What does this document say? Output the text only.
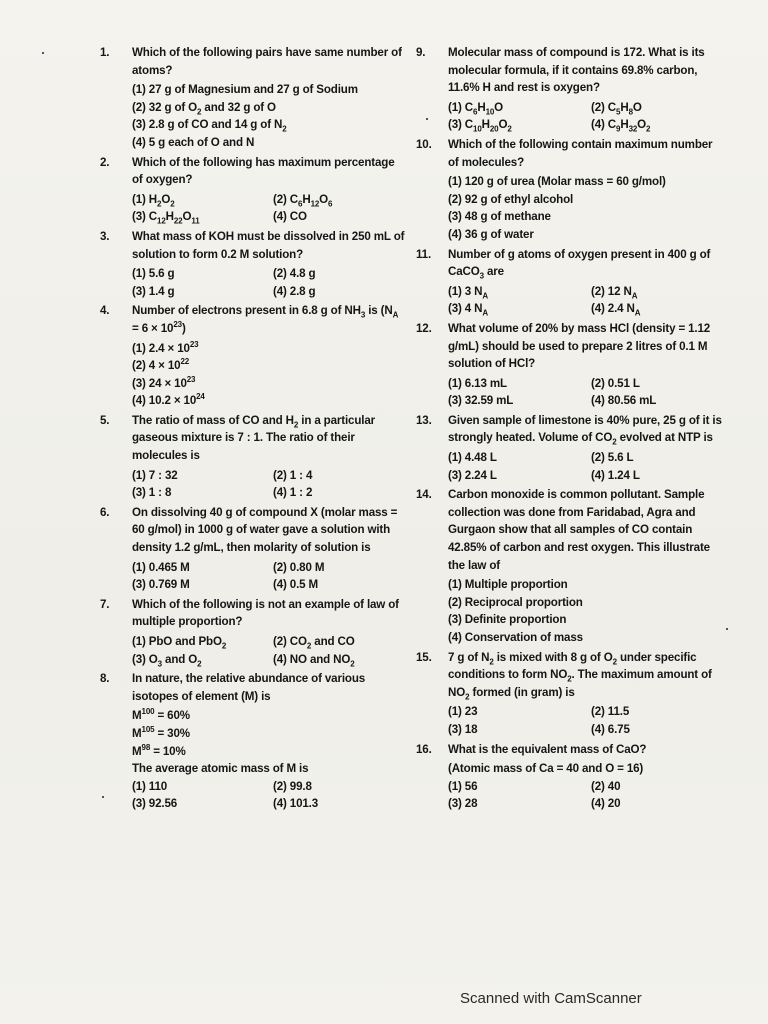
1.	Which of the following pairs have same number of atoms?
(1) 27 g of Magnesium and 27 g of Sodium
(2) 32 g of $O_2$ and 32 g of O
(3) 2.8 g of CO and 14 g of $N_2$
(4) 5 g each of O and N
2.	Which of the following has maximum percentage of oxygen?
(1) $H_2O_2$	(2) $C_6H_{12}O_6$
(3) $C_{12}H_{22}O_{11}$	(4) CO
3.	What mass of KOH must be dissolved in 250 mL of solution to form 0.2 M solution?
(1) 5.6 g	(2) 4.8 g
(3) 1.4 g	(4) 2.8 g
4.	Number of electrons present in 6.8 g of $NH_3$ is $(N_A = 6 \times 10^{23})$
(1) $2.4 \times 10^{23}$
(2) $4 \times 10^{22}$
(3) $24 \times 10^{23}$
(4) $10.2 \times 10^{24}$
5.	The ratio of mass of CO and $H_2$ in a particular gaseous mixture is 7 : 1. The ratio of their molecules is
(1) 7 : 32	(2) 1 : 4
(3) 1 : 8	(4) 1 : 2
6.	On dissolving 40 g of compound X (molar mass = 60 g/mol) in 1000 g of water gave a solution with density 1.2 g/mL, then molarity of solution is
(1) 0.465 M	(2) 0.80 M
(3) 0.769 M	(4) 0.5 M
7.	Which of the following is not an example of law of multiple proportion?
(1) PbO and PbO$_2$	(2) $CO_2$ and CO
(3) $O_3$ and $O_2$	(4) NO and $NO_2$
8.	In nature, the relative abundance of various isotopes of element (M) is
$M^{100} = 60\%$
$M^{105} = 30\%$
$M^{98} = 10\%$
The average atomic mass of M is
(1) 110	(2) 99.8
(3) 92.56	(4) 101.3
9.	Molecular mass of compound is 172. What is its molecular formula, if it contains 69.8% carbon, 11.6% H and rest is oxygen?
(1) $C_6H_{10}O$	(2) $C_5H_8O$
(3) $C_{10}H_{20}O_2$	(4) $C_9H_{32}O_2$
10.	Which of the following contain maximum number of molecules?
(1) 120 g of urea (Molar mass = 60 g/mol)
(2) 92 g of ethyl alcohol
(3) 48 g of methane
(4) 36 g of water
11.	Number of g atoms of oxygen present in 400 g of CaCO$_3$ are
(1) 3 $N_A$	(2) 12 $N_A$
(3) 4 $N_A$	(4) 2.4 $N_A$
12.	What volume of 20% by mass HCl (density = 1.12 g/mL) should be used to prepare 2 litres of 0.1 M solution of HCl?
(1) 6.13 mL	(2) 0.51 L
(3) 32.59 mL	(4) 80.56 mL
13.	Given sample of limestone is 40% pure, 25 g of it is strongly heated. Volume of $CO_2$ evolved at NTP is
(1) 4.48 L	(2) 5.6 L
(3) 2.24 L	(4) 1.24 L
14.	Carbon monoxide is common pollutant. Sample collection was done from Faridabad, Agra and Gurgaon show that all samples of CO contain 42.85% of carbon and rest oxygen. This illustrate the law of
(1) Multiple proportion
(2) Reciprocal proportion
(3) Definite proportion
(4) Conservation of mass
15.	7 g of $N_2$ is mixed with 8 g of $O_2$ under specific conditions to form $NO_2$. The maximum amount of $NO_2$ formed (in gram) is
(1) 23	(2) 11.5
(3) 18	(4) 6.75
16.	What is the equivalent mass of CaO?
(Atomic mass of Ca = 40 and O = 16)
(1) 56	(2) 40
(3) 28	(4) 20
Scanned with CamScanner
